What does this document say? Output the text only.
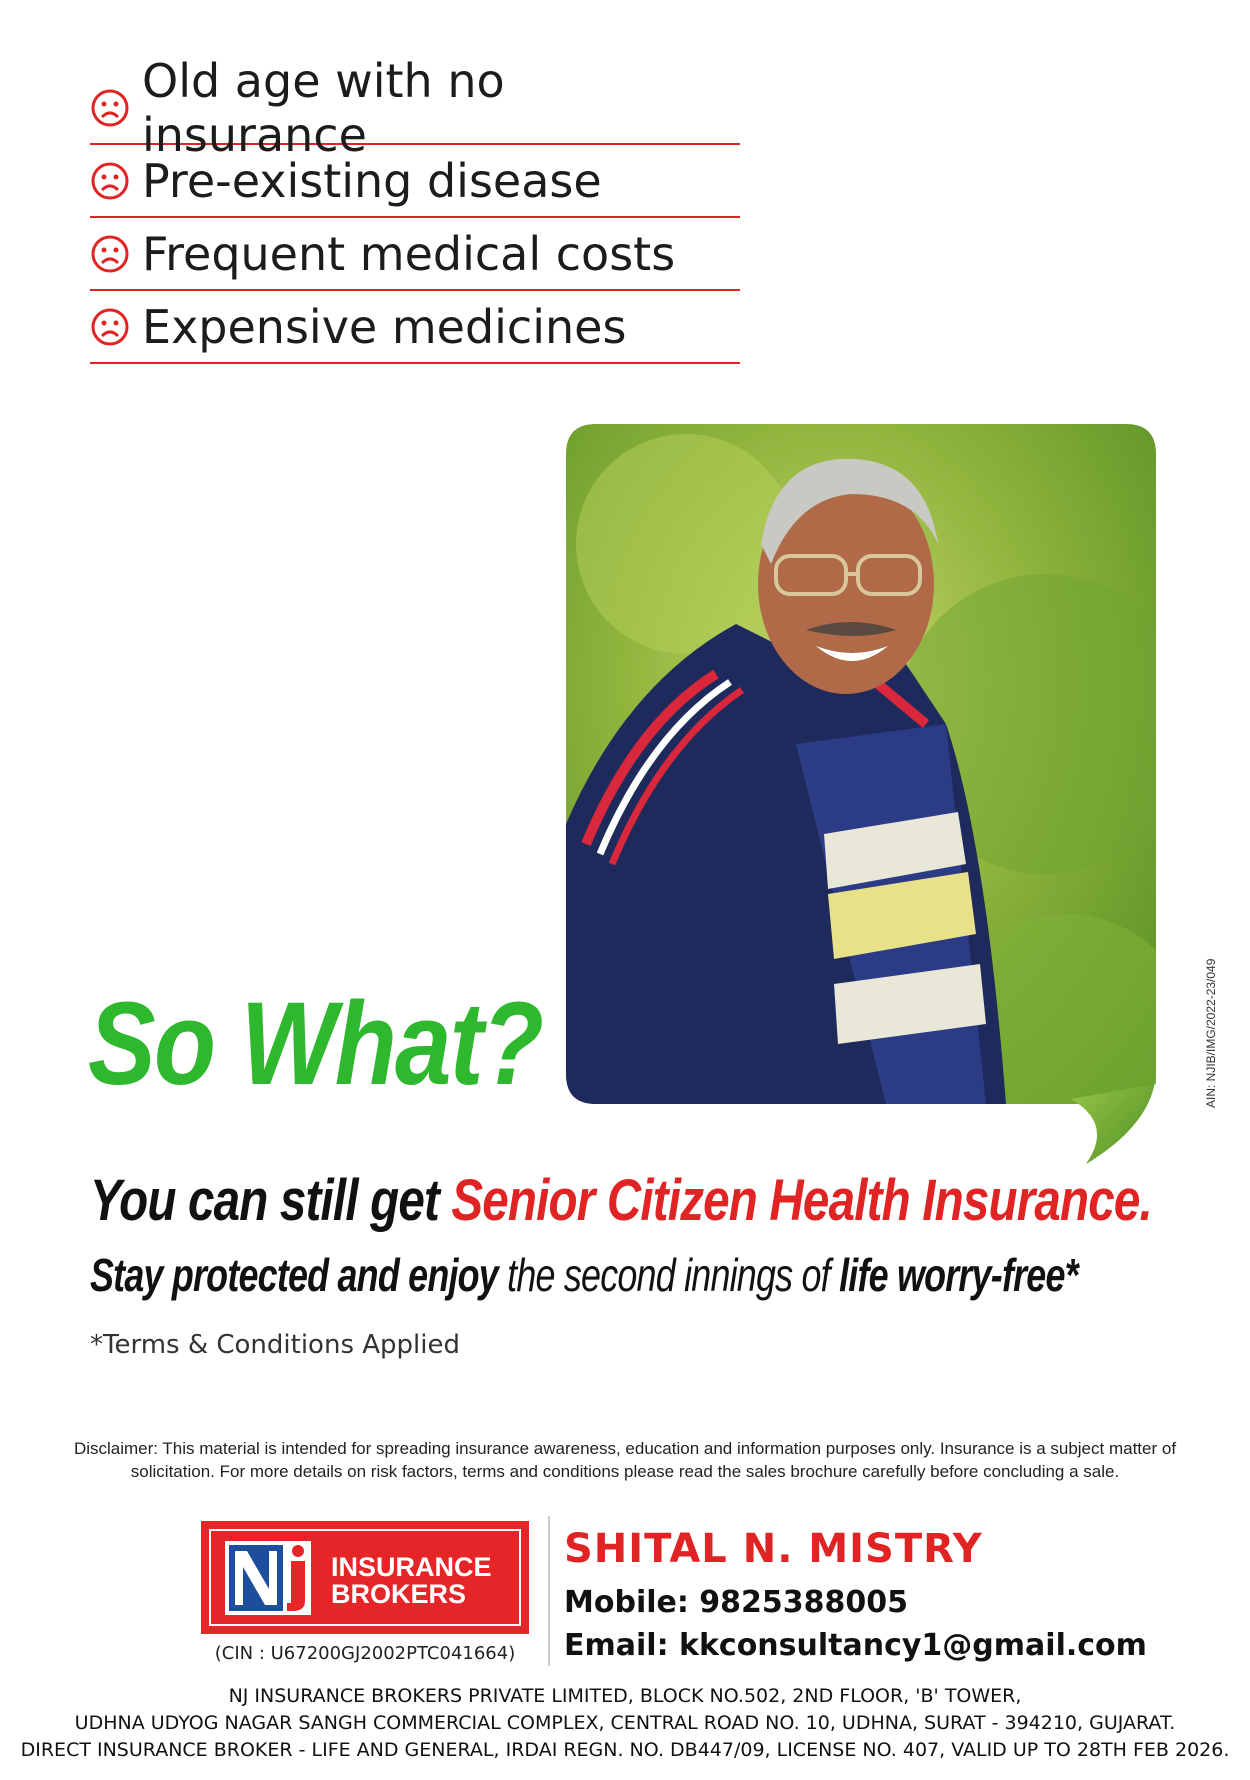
Old age with no insurance
Pre-existing disease
Frequent medical costs
Expensive medicines
AIN: NJIB/IMG/2022-23/049
So What?
You can still get Senior Citizen Health Insurance.
Stay protected and enjoy the second innings of life worry-free*
*Terms & Conditions Applied
Disclaimer: This material is intended for spreading insurance awareness, education and information purposes only. Insurance is a subject matter of solicitation. For more details on risk factors, terms and conditions please read the sales brochure carefully before concluding a sale.
INSURANCE
BROKERS
(CIN : U67200GJ2002PTC041664)
SHITAL N. MISTRY
Mobile: 9825388005
Email: kkconsultancy1@gmail.com
NJ INSURANCE BROKERS PRIVATE LIMITED, BLOCK NO.502, 2ND FLOOR, 'B' TOWER,
UDHNA UDYOG NAGAR SANGH COMMERCIAL COMPLEX, CENTRAL ROAD NO. 10, UDHNA, SURAT - 394210, GUJARAT.
DIRECT INSURANCE BROKER - LIFE AND GENERAL, IRDAI REGN. NO. DB447/09, LICENSE NO. 407, VALID UP TO 28TH FEB 2026.
